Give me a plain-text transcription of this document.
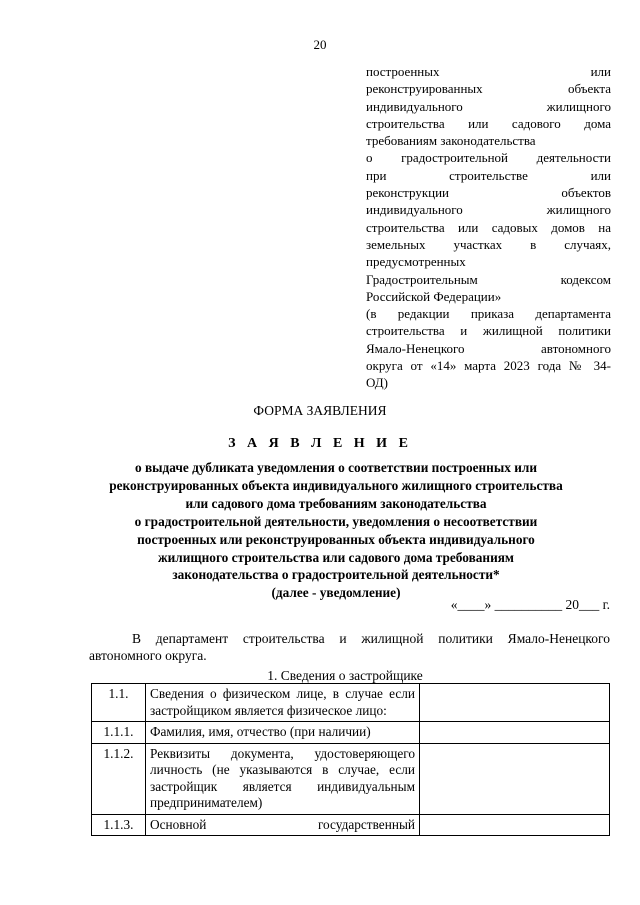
20
построенных или
реконструированных объекта
индивидуального жилищного
строительства или садового дома
требованиям законодательства
о градостроительной деятельности
при строительстве или
реконструкции объектов
индивидуального жилищного
строительства или садовых домов на
земельных участках в случаях,
предусмотренных
Градостроительным кодексом
Российской Федерации»
(в редакции приказа департамента
строительства и жилищной политики
Ямало-Ненецкого автономного
округа от «14» марта 2023 года № 34-
ОД)
ФОРМА ЗАЯВЛЕНИЯ
З А Я В Л Е Н И Е
о выдаче дубликата уведомления о соответствии построенных или
реконструированных объекта индивидуального жилищного строительства
или садового дома требованиям законодательства
о градостроительной деятельности, уведомления о несоответствии
построенных или реконструированных объекта индивидуального
жилищного строительства или садового дома требованиям
законодательства о градостроительной деятельности*
(далее - уведомление)
«____» __________ 20___ г.
В департамент строительства и жилищной политики Ямало-Ненецкого
автономного округа.
1. Сведения о застройщике
1.1.	Сведения о физическом лице, в случае если застройщиком является физическое лицо:	
1.1.1.	Фамилия, имя, отчество (при наличии)	
1.1.2.	Реквизиты документа, удостоверяющего личность (не указываются в случае, если застройщик является индивидуальным предпринимателем)	
1.1.3.	Основной государственный	
